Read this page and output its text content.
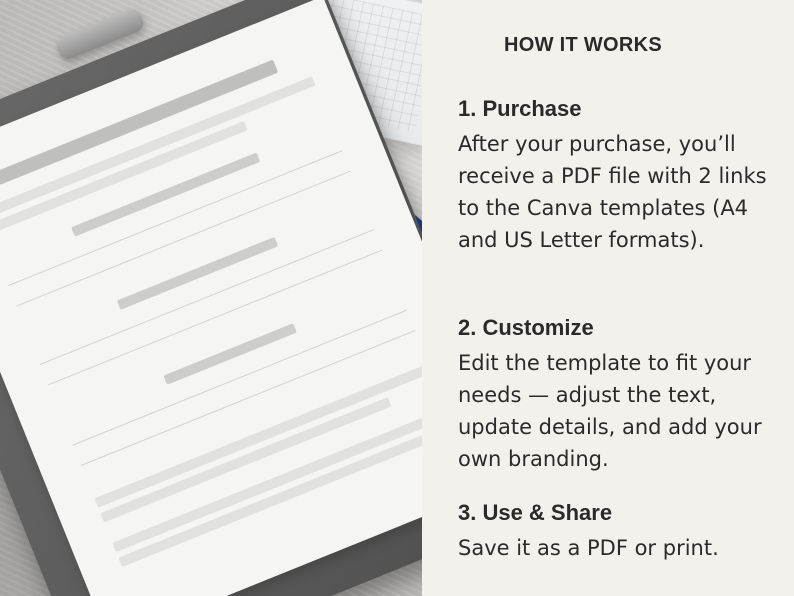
HOW IT WORKS
1. Purchase
After your purchase, you’ll receive a PDF file with 2 links to the Canva templates (A4 and US Letter formats).
2. Customize
Edit the template to fit your needs — adjust the text, update details, and add your own branding.
3. Use & Share
Save it as a PDF or print.
